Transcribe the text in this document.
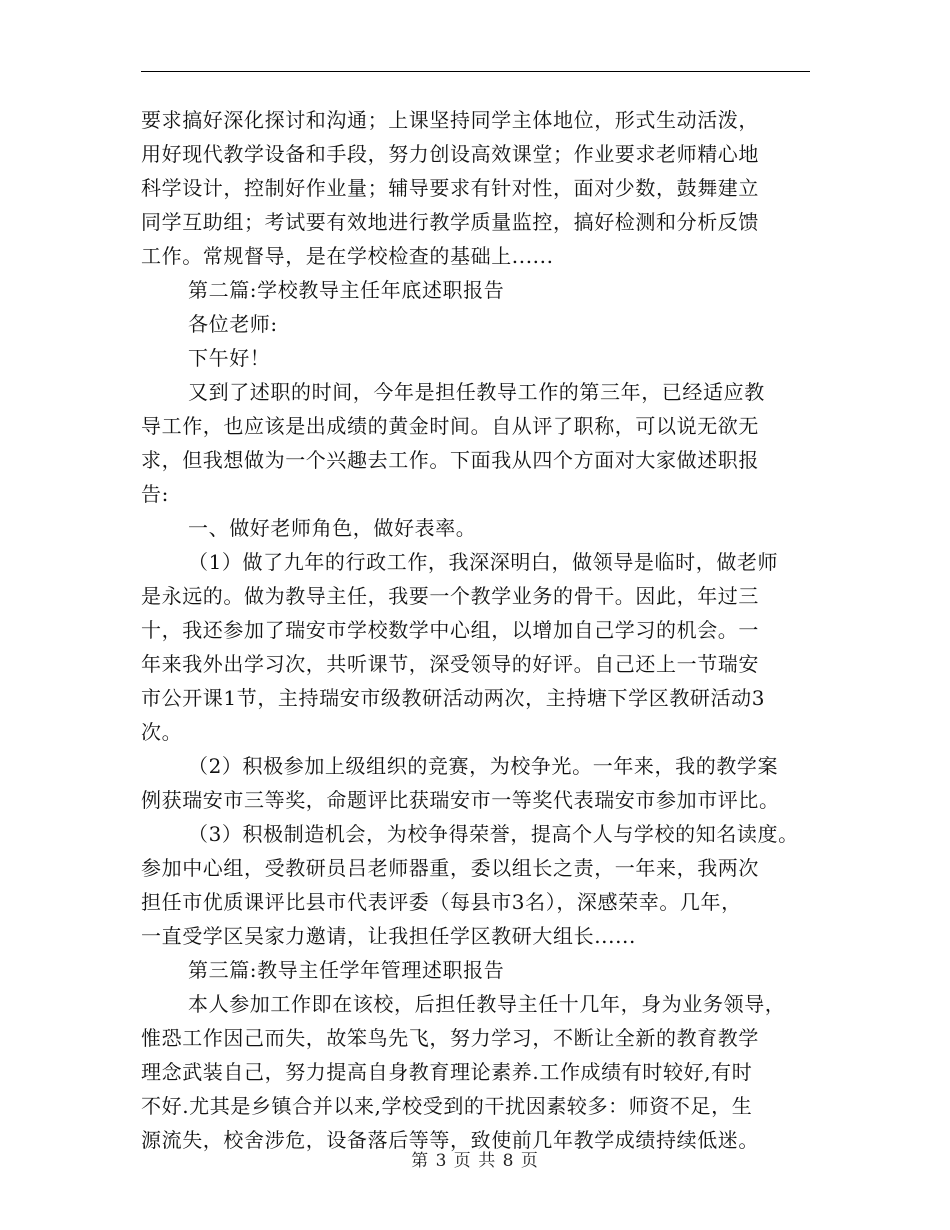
要求搞好深化探讨和沟通；上课坚持同学主体地位，形式生动活泼，
用好现代教学设备和手段，努力创设高效课堂；作业要求老师精心地
科学设计，控制好作业量；辅导要求有针对性，面对少数，鼓舞建立
同学互助组；考试要有效地进行教学质量监控，搞好检测和分析反馈
工作。常规督导，是在学校检查的基础上......
第二篇:学校教导主任年底述职报告
各位老师:
下午好！
又到了述职的时间，今年是担任教导工作的第三年，已经适应教
导工作，也应该是出成绩的黄金时间。自从评了职称，可以说无欲无
求，但我想做为一个兴趣去工作。下面我从四个方面对大家做述职报
告:
一、做好老师角色，做好表率。
（1）做了九年的行政工作，我深深明白，做领导是临时，做老师
是永远的。做为教导主任，我要一个教学业务的骨干。因此，年过三
十，我还参加了瑞安市学校数学中心组，以增加自己学习的机会。一
年来我外出学习次，共听课节，深受领导的好评。自己还上一节瑞安
市公开课1节，主持瑞安市级教研活动两次，主持塘下学区教研活动3
次。
（2）积极参加上级组织的竞赛，为校争光。一年来，我的教学案
例获瑞安市三等奖，命题评比获瑞安市一等奖代表瑞安市参加市评比。
（3）积极制造机会，为校争得荣誉，提高个人与学校的知名读度。
参加中心组，受教研员吕老师器重，委以组长之责，一年来，我两次
担任市优质课评比县市代表评委（每县市3名），深感荣幸。几年，
一直受学区吴家力邀请，让我担任学区教研大组长......
第三篇:教导主任学年管理述职报告
本人参加工作即在该校，后担任教导主任十几年，身为业务领导，
惟恐工作因己而失，故笨鸟先飞，努力学习，不断让全新的教育教学
理念武装自己，努力提高自身教育理论素养.工作成绩有时较好,有时
不好.尤其是乡镇合并以来,学校受到的干扰因素较多：师资不足，生
源流失，校舍涉危，设备落后等等，致使前几年教学成绩持续低迷。
第 3 页 共 8 页
